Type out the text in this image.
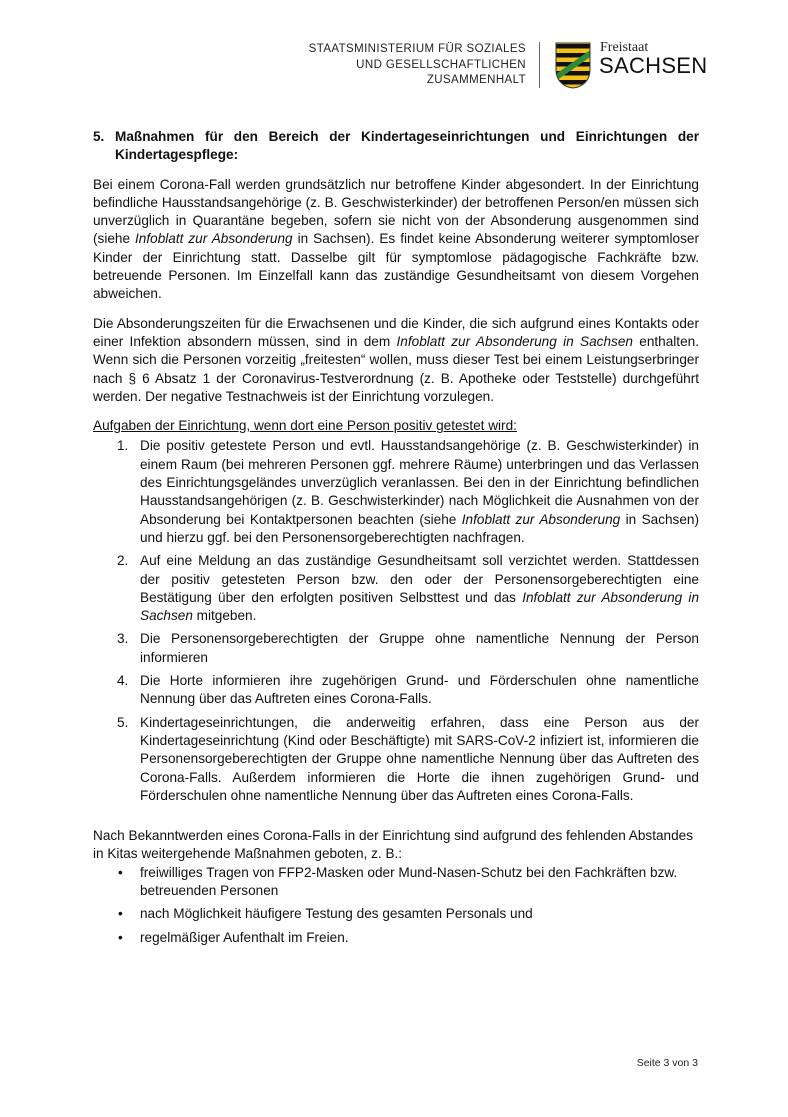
STAATSMINISTERIUM FÜR SOZIALES
UND GESELLSCHAFTLICHEN
ZUSAMMENHALT
Freistaat
SACHSEN
5. Maßnahmen für den Bereich der Kindertageseinrichtungen und Einrichtungen der Kindertagespflege:

Bei einem Corona-Fall werden grundsätzlich nur betroffene Kinder abgesondert. In der Einrichtung befindliche Hausstandsangehörige (z. B. Geschwisterkinder) der betroffenen Person/en müssen sich unverzüglich in Quarantäne begeben, sofern sie nicht von der Absonderung ausgenommen sind (siehe Infoblatt zur Absonderung in Sachsen). Es findet keine Absonderung weiterer symptomloser Kinder der Einrichtung statt. Dasselbe gilt für symptomlose pädagogische Fachkräfte bzw. betreuende Personen. Im Einzelfall kann das zuständige Gesundheitsamt von diesem Vorgehen abweichen.

Die Absonderungszeiten für die Erwachsenen und die Kinder, die sich aufgrund eines Kontakts oder einer Infektion absondern müssen, sind in dem Infoblatt zur Absonderung in Sachsen enthalten. Wenn sich die Personen vorzeitig „freitesten“ wollen, muss dieser Test bei einem Leistungserbringer nach § 6 Absatz 1 der Coronavirus-Testverordnung (z. B. Apotheke oder Teststelle) durchgeführt werden. Der negative Testnachweis ist der Einrichtung vorzulegen.

Aufgaben der Einrichtung, wenn dort eine Person positiv getestet wird:
1. Die positiv getestete Person und evtl. Hausstandsangehörige (z. B. Geschwisterkinder) in einem Raum (bei mehreren Personen ggf. mehrere Räume) unterbringen und das Verlassen des Einrichtungsgeländes unverzüglich veranlassen. Bei den in der Einrichtung befindlichen Hausstandsangehörigen (z. B. Geschwisterkinder) nach Möglichkeit die Ausnahmen von der Absonderung bei Kontaktpersonen beachten (siehe Infoblatt zur Absonderung in Sachsen) und hierzu ggf. bei den Personensorgeberechtigten nachfragen.
2. Auf eine Meldung an das zuständige Gesundheitsamt soll verzichtet werden. Stattdessen der positiv getesteten Person bzw. den oder der Personensorgeberechtigten eine Bestätigung über den erfolgten positiven Selbsttest und das Infoblatt zur Absonderung in Sachsen mitgeben.
3. Die Personensorgeberechtigten der Gruppe ohne namentliche Nennung der Person informieren
4. Die Horte informieren ihre zugehörigen Grund- und Förderschulen ohne namentliche Nennung über das Auftreten eines Corona-Falls.
5. Kindertageseinrichtungen, die anderweitig erfahren, dass eine Person aus der Kindertageseinrichtung (Kind oder Beschäftigte) mit SARS-CoV-2 infiziert ist, informieren die Personensorgeberechtigten der Gruppe ohne namentliche Nennung über das Auftreten des Corona-Falls. Außerdem informieren die Horte die ihnen zugehörigen Grund- und Förderschulen ohne namentliche Nennung über das Auftreten eines Corona-Falls.
Nach Bekanntwerden eines Corona-Falls in der Einrichtung sind aufgrund des fehlenden Abstandes in Kitas weitergehende Maßnahmen geboten, z. B.:
•	freiwilliges Tragen von FFP2-Masken oder Mund-Nasen-Schutz bei den Fachkräften bzw. betreuenden Personen
•	nach Möglichkeit häufigere Testung des gesamten Personals und
•	regelmäßiger Aufenthalt im Freien.
Seite 3 von 3
